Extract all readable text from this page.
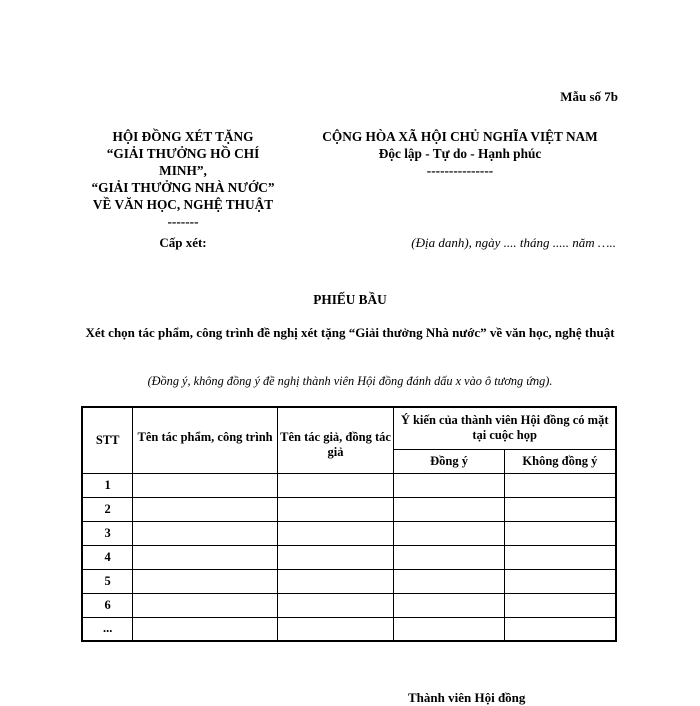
Mẫu số 7b
HỘI ĐỒNG XÉT TẶNG
“GIẢI THƯỞNG HỒ CHÍ
MINH”,
“GIẢI THƯỞNG NHÀ NƯỚC”
VỀ VĂN HỌC, NGHỆ THUẬT
-------
CỘNG HÒA XÃ HỘI CHỦ NGHĨA VIỆT NAM
Độc lập - Tự do - Hạnh phúc
---------------
Cấp xét:	(Địa danh), ngày .... tháng ..... năm …..
PHIẾU BẦU
Xét chọn tác phẩm, công trình đề nghị xét tặng “Giải thưởng Nhà nước” về văn học, nghệ thuật
(Đồng ý, không đồng ý đề nghị thành viên Hội đồng đánh dấu x vào ô tương ứng).
STT	Tên tác phẩm, công trình	Tên tác giả, đồng tác giả	Ý kiến của thành viên Hội đồng có mặt tại cuộc họp	
			Đồng ý	Không đồng ý
1				
2				
3				
4				
5				
6				
...				
Thành viên Hội đồng
